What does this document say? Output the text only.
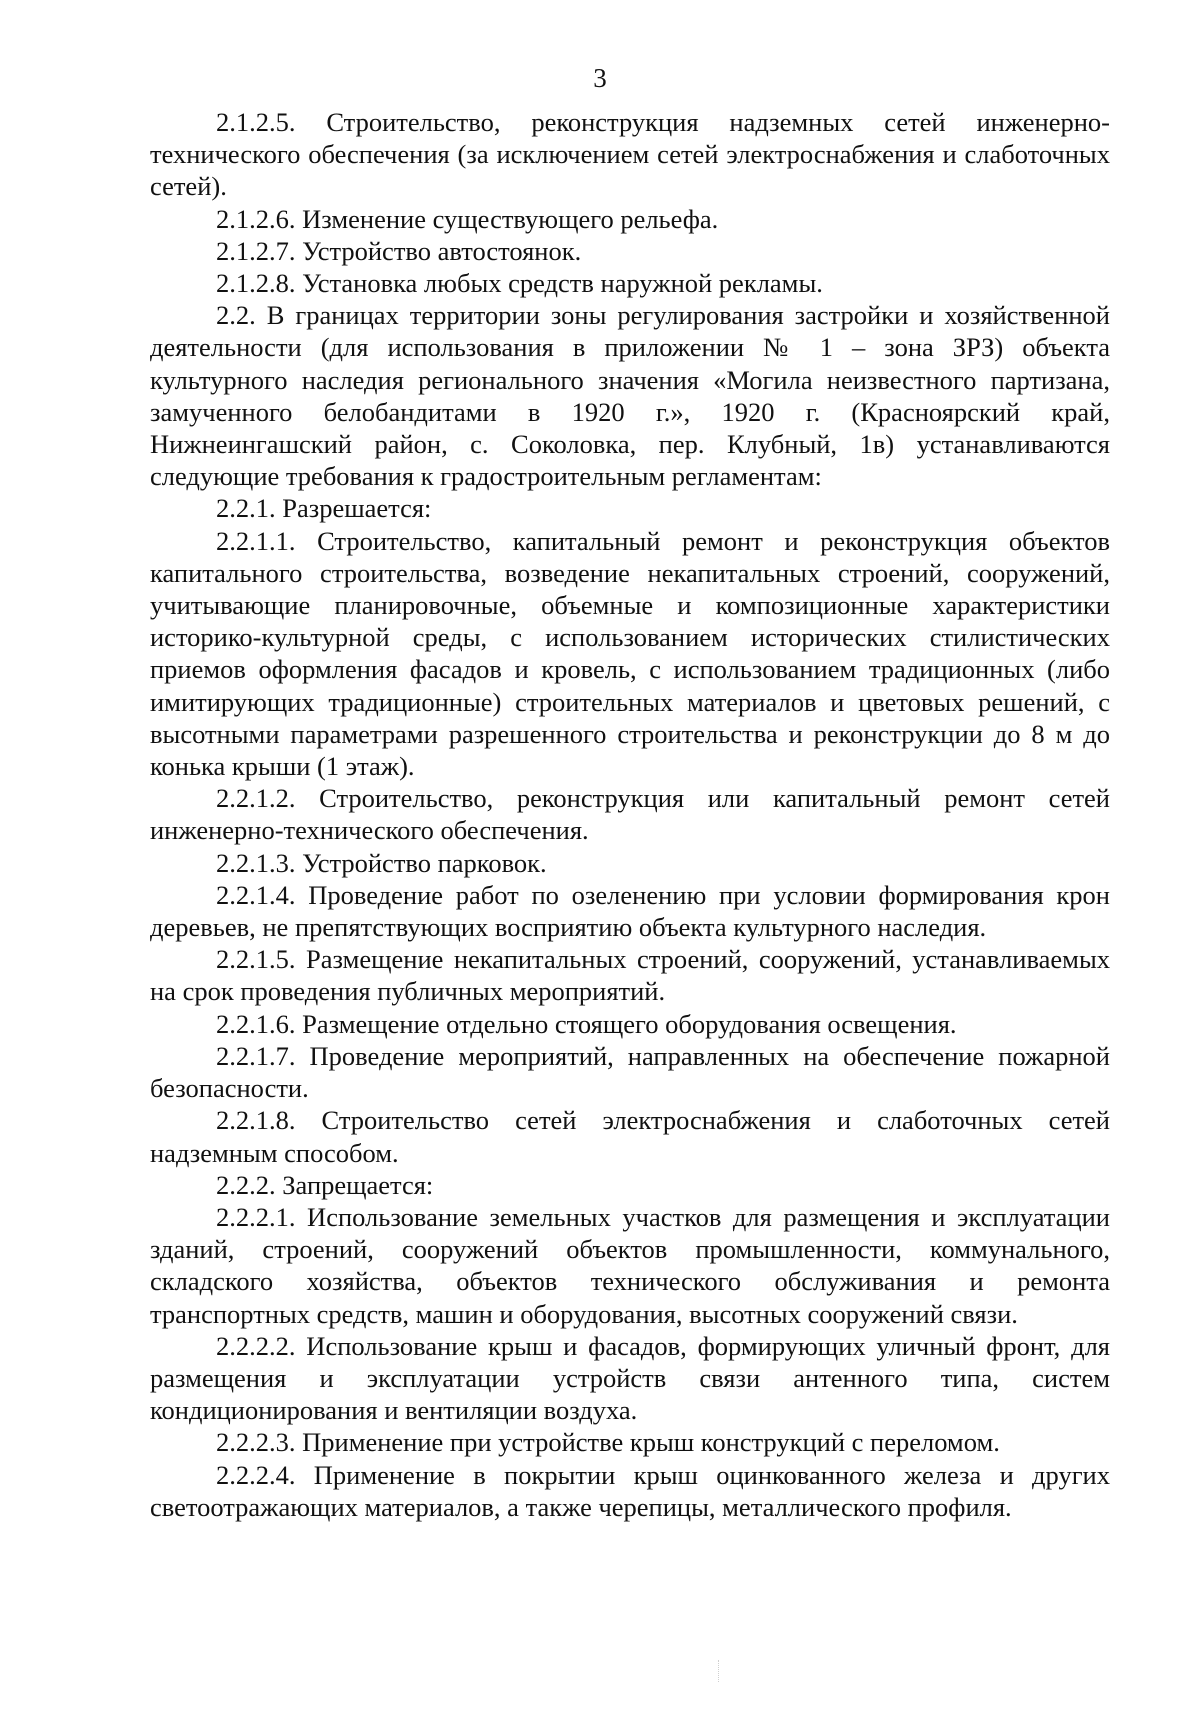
3

2.1.2.5. Строительство, реконструкция надземных сетей инженерно-технического обеспечения (за исключением сетей электроснабжения и слаботочных сетей).

2.1.2.6. Изменение существующего рельефа.

2.1.2.7. Устройство автостоянок.

2.1.2.8. Установка любых средств наружной рекламы.

2.2. В границах территории зоны регулирования застройки и хозяйственной деятельности (для использования в приложении № 1 – зона ЗРЗ) объекта культурного наследия регионального значения «Могила неизвестного партизана, замученного белобандитами в 1920 г.», 1920 г. (Красноярский край, Нижнеингашский район, с. Соколовка, пер. Клубный, 1в) устанавливаются следующие требования к градостроительным регламентам:

2.2.1. Разрешается:

2.2.1.1. Строительство, капитальный ремонт и реконструкция объектов капитального строительства, возведение некапитальных строений, сооружений, учитывающие планировочные, объемные и композиционные характеристики историко-культурной среды, с использованием исторических стилистических приемов оформления фасадов и кровель, с использованием традиционных (либо имитирующих традиционные) строительных материалов и цветовых решений, с высотными параметрами разрешенного строительства и реконструкции до 8 м до конька крыши (1 этаж).

2.2.1.2. Строительство, реконструкция или капитальный ремонт сетей инженерно-технического обеспечения.

2.2.1.3. Устройство парковок.

2.2.1.4. Проведение работ по озеленению при условии формирования крон деревьев, не препятствующих восприятию объекта культурного наследия.

2.2.1.5. Размещение некапитальных строений, сооружений, устанавливаемых на срок проведения публичных мероприятий.

2.2.1.6. Размещение отдельно стоящего оборудования освещения.

2.2.1.7. Проведение мероприятий, направленных на обеспечение пожарной безопасности.

2.2.1.8. Строительство сетей электроснабжения и слаботочных сетей надземным способом.

2.2.2. Запрещается:

2.2.2.1. Использование земельных участков для размещения и эксплуатации зданий, строений, сооружений объектов промышленности, коммунального, складского хозяйства, объектов технического обслуживания и ремонта транспортных средств, машин и оборудования, высотных сооружений связи.

2.2.2.2. Использование крыш и фасадов, формирующих уличный фронт, для размещения и эксплуатации устройств связи антенного типа, систем кондиционирования и вентиляции воздуха.

2.2.2.3. Применение при устройстве крыш конструкций с переломом.

2.2.2.4. Применение в покрытии крыш оцинкованного железа и других светоотражающих материалов, а также черепицы, металлического профиля.
